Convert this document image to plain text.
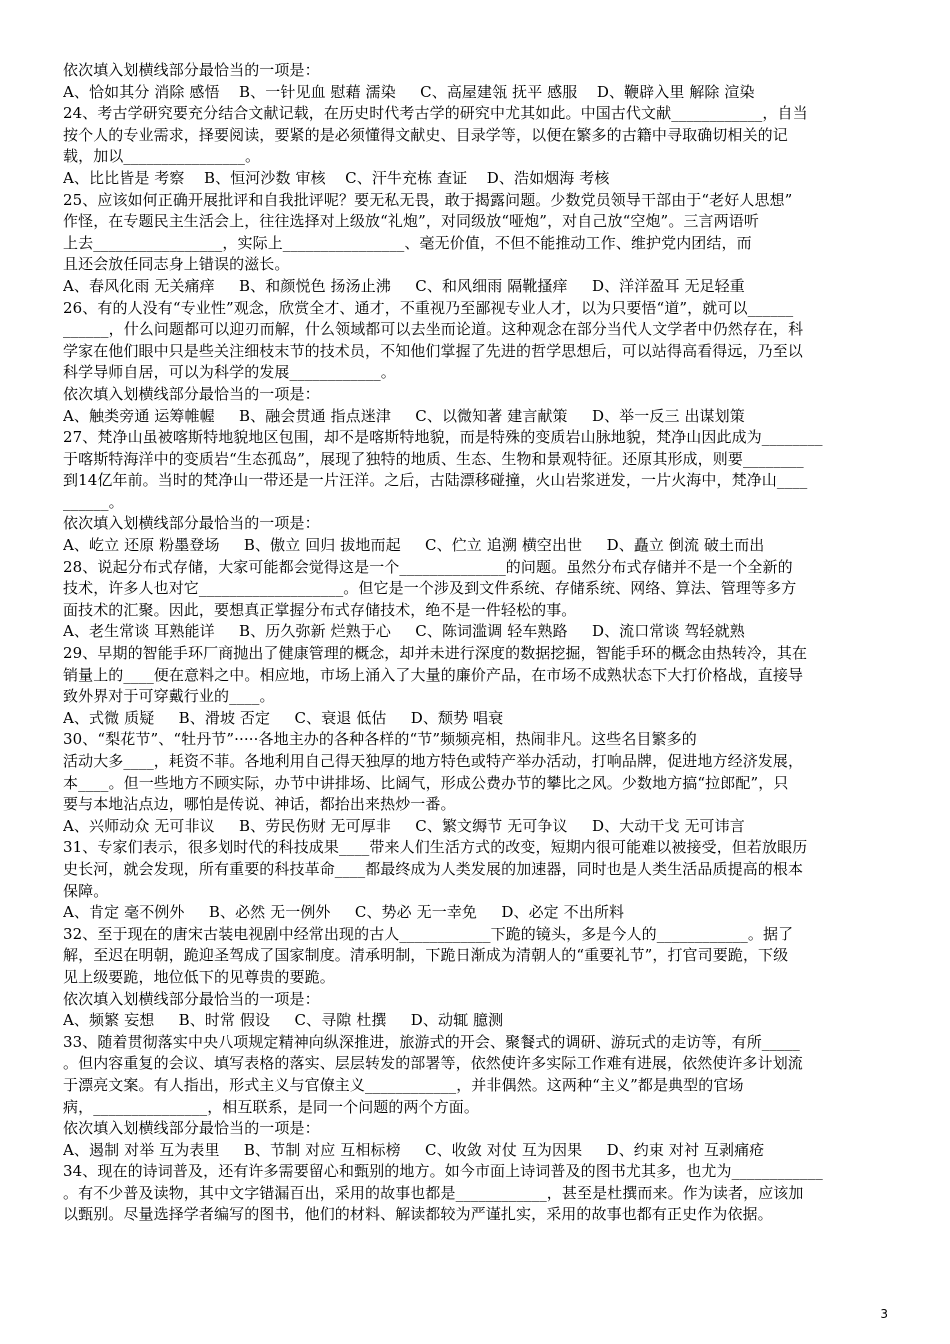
依次填入划横线部分最恰当的一项是：
A、恰如其分 消除 感悟    B、一针见血 慰藉 濡染     C、高屋建瓴 抚平 感服    D、鞭辟入里 解除 渲染
24、考古学研究要充分结合文献记载，在历史时代考古学的研究中尤其如此。中国古代文献____________，自当
按个人的专业需求，择要阅读，要紧的是必须懂得文献史、目录学等，以便在繁多的古籍中寻取确切相关的记
载，加以________________。
A、比比皆是 考察    B、恒河沙数 审核    C、汗牛充栋 查证    D、浩如烟海 考核
25、应该如何正确开展批评和自我批评呢？要无私无畏，敢于揭露问题。少数党员领导干部由于“老好人思想”
作怪，在专题民主生活会上，往往选择对上级放“礼炮”，对同级放“哑炮”，对自己放“空炮”。三言两语听
上去_________________，实际上________________、毫无价值，不但不能推动工作、维护党内团结，而
且还会放任同志身上错误的滋长。
A、春风化雨 无关痛痒     B、和颜悦色 扬汤止沸     C、和风细雨 隔靴搔痒     D、洋洋盈耳 无足轻重
26、有的人没有“专业性”观念，欣赏全才、通才，不重视乃至鄙视专业人才，以为只要悟“道”，就可以______
______，什么问题都可以迎刃而解，什么领域都可以去坐而论道。这种观念在部分当代人文学者中仍然存在，科
学家在他们眼中只是些关注细枝末节的技术员，不知他们掌握了先进的哲学思想后，可以站得高看得远，乃至以
科学导师自居，可以为科学的发展____________。
依次填入划横线部分最恰当的一项是：
A、触类旁通 运筹帷幄     B、融会贯通 指点迷津     C、以微知著 建言献策     D、举一反三 出谋划策
27、梵净山虽被喀斯特地貌地区包围，却不是喀斯特地貌，而是特殊的变质岩山脉地貌，梵净山因此成为________
于喀斯特海洋中的变质岩“生态孤岛”，展现了独特的地质、生态、生物和景观特征。还原其形成，则要________
到14亿年前。当时的梵净山一带还是一片汪洋。之后，古陆漂移碰撞，火山岩浆迸发，一片火海中，梵净山____
______。
依次填入划横线部分最恰当的一项是：
A、屹立 还原 粉墨登场     B、傲立 回归 拔地而起     C、伫立 追溯 横空出世     D、矗立 倒流 破土而出
28、说起分布式存储，大家可能都会觉得这是一个______________的问题。虽然分布式存储并不是一个全新的
技术，许多人也对它___________________。但它是一个涉及到文件系统、存储系统、网络、算法、管理等多方
面技术的汇聚。因此，要想真正掌握分布式存储技术，绝不是一件轻松的事。
A、老生常谈 耳熟能详     B、历久弥新 烂熟于心     C、陈词滥调 轻车熟路     D、流口常谈 驾轻就熟
29、早期的智能手环厂商抛出了健康管理的概念，却并未进行深度的数据挖掘，智能手环的概念由热转冷，其在
销量上的____便在意料之中。相应地，市场上涌入了大量的廉价产品，在市场不成熟状态下大打价格战，直接导
致外界对于可穿戴行业的____。
A、式微 质疑     B、滑坡 否定     C、衰退 低估     D、颓势 唱衰
30、“梨花节”、“牡丹节”·····各地主办的各种各样的“节”频频亮相，热闹非凡。这些名目繁多的
活动大多____，耗资不菲。各地利用自己得天独厚的地方特色或特产举办活动，打响品牌，促进地方经济发展，
本____。但一些地方不顾实际，办节中讲排场、比阔气，形成公费办节的攀比之风。少数地方搞“拉郎配”，只
要与本地沾点边，哪怕是传说、神话，都抬出来热炒一番。
A、兴师动众 无可非议     B、劳民伤财 无可厚非     C、繁文缛节 无可争议     D、大动干戈 无可讳言
31、专家们表示，很多划时代的科技成果____带来人们生活方式的改变，短期内很可能难以被接受，但若放眼历
史长河，就会发现，所有重要的科技革命____都最终成为人类发展的加速器，同时也是人类生活品质提高的根本
保障。
A、肯定 毫不例外     B、必然 无一例外     C、势必 无一幸免     D、必定 不出所料
32、至于现在的唐宋古装电视剧中经常出现的古人____________下跪的镜头，多是今人的____________。据了
解，至迟在明朝，跪迎圣驾成了国家制度。清承明制，下跪日渐成为清朝人的“重要礼节”，打官司要跪，下级
见上级要跪，地位低下的见尊贵的要跪。
依次填入划横线部分最恰当的一项是：
A、频繁 妄想     B、时常 假设     C、寻隙 杜撰     D、动辄 臆测
33、随着贯彻落实中央八项规定精神向纵深推进，旅游式的开会、聚餐式的调研、游玩式的走访等，有所_____
。但内容重复的会议、填写表格的落实、层层转发的部署等，依然使许多实际工作难有进展，依然使许多计划流
于漂亮文案。有人指出，形式主义与官僚主义____________，并非偶然。这两种“主义”都是典型的官场
病，_______________，相互联系，是同一个问题的两个方面。
依次填入划横线部分最恰当的一项是：
A、遏制 对举 互为表里     B、节制 对应 互相标榜     C、收敛 对仗 互为因果     D、约束 对衬 互剥痛疮
34、现在的诗词普及，还有许多需要留心和甄别的地方。如今市面上诗词普及的图书尤其多，也尤为____________
。有不少普及读物，其中文字错漏百出，采用的故事也都是____________，甚至是杜撰而来。作为读者，应该加
以甄别。尽量选择学者编写的图书，他们的材料、解读都较为严谨扎实，采用的故事也都有正史作为依据。
3
